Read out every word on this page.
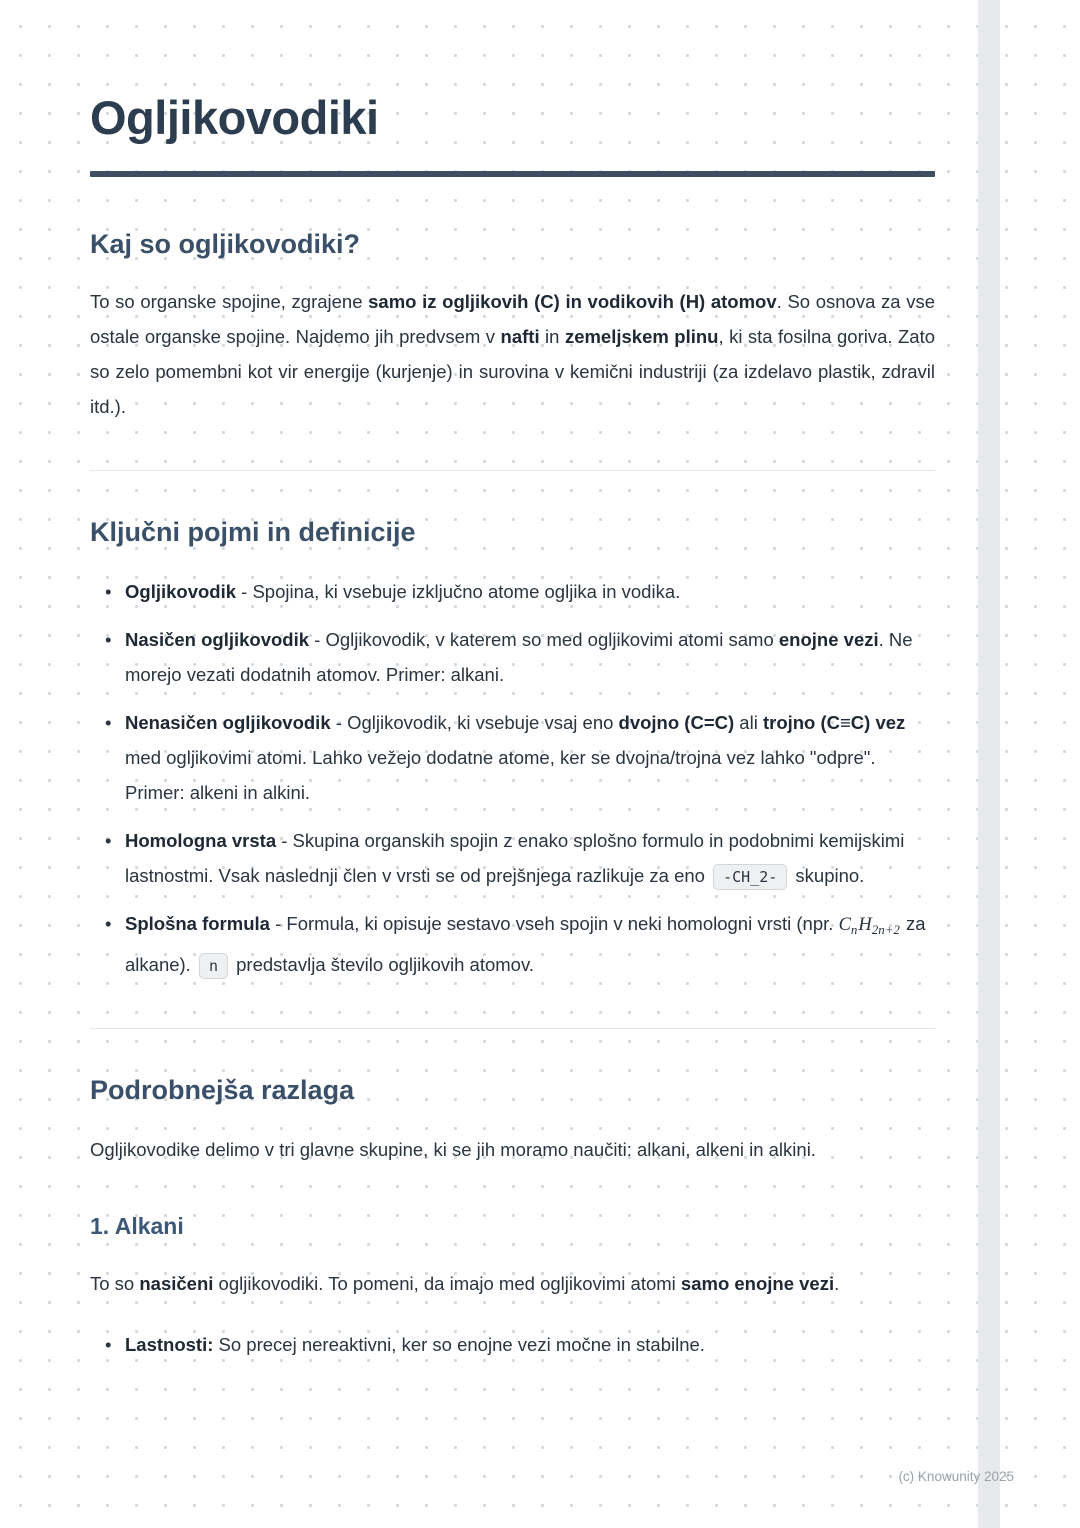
Ogljikovodiki
Kaj so ogljikovodiki?

To so organske spojine, zgrajene samo iz ogljikovih (C) in vodikovih (H) atomov. So osnova za vse ostale organske spojine. Najdemo jih predvsem v nafti in zemeljskem plinu, ki sta fosilna goriva. Zato so zelo pomembni kot vir energije (kurjenje) in surovina v kemični industriji (za izdelavo plastik, zdravil itd.).

Ključni pojmi in definicije
• Ogljikovodik - Spojina, ki vsebuje izključno atome ogljika in vodika.
• Nasičen ogljikovodik - Ogljikovodik, v katerem so med ogljikovimi atomi samo enojne vezi. Ne morejo vezati dodatnih atomov. Primer: alkani.
• Nenasičen ogljikovodik - Ogljikovodik, ki vsebuje vsaj eno dvojno (C=C) ali trojno (C≡C) vez med ogljikovimi atomi. Lahko vežejo dodatne atome, ker se dvojna/trojna vez lahko "odpre". Primer: alkeni in alkini.
• Homologna vrsta - Skupina organskih spojin z enako splošno formulo in podobnimi kemijskimi lastnostmi. Vsak naslednji člen v vrsti se od prejšnjega razlikuje za eno -CH_2- skupino.
• Splošna formula - Formula, ki opisuje sestavo vseh spojin v neki homologni vrsti (npr. $C_nH_{2n+2}$ za alkane). n predstavlja število ogljikovih atomov.
Podrobnejša razlaga

Ogljikovodike delimo v tri glavne skupine, ki se jih moramo naučiti: alkani, alkeni in alkini.

1. Alkani

To so nasičeni ogljikovodiki. To pomeni, da imajo med ogljikovimi atomi samo enojne vezi.

• Lastnosti: So precej nereaktivni, ker so enojne vezi močne in stabilne.
(c) Knowunity 2025
